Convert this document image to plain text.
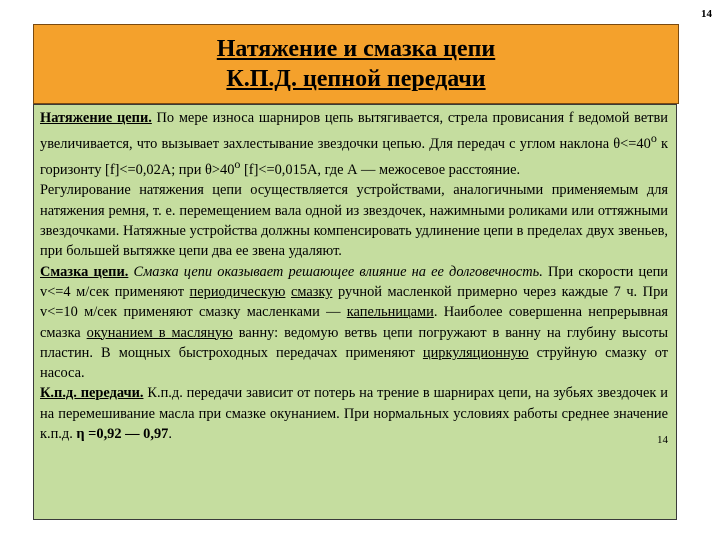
14
Натяжение и смазка цепи
К.П.Д. цепной передачи

Натяжение цепи. По мере износа шарниров цепь вытягивается, стрела провисания f ведомой ветви увеличивается, что вызывает захлестывание звездочки цепью. Для передач с углом наклона $\theta<=40^o$ к горизонту [f]<=0,02А; при $\theta>40^o$ [f]<=0,015А, где А — межосевое расстояние.

Регулирование натяжения цепи осуществляется устройствами, аналогичными применяемым для натяжения ремня, т. е. перемещением вала одной из звездочек, нажимными роликами или оттяжными звездочками. Натяжные устройства должны компенсировать удлинение цепи в пределах двух звеньев, при большей вытяжке цепи два ее звена удаляют.

Смазка цепи. Смазка цепи оказывает решающее влияние на ее долговечность. При скорости цепи v<=4 м/сек применяют периодическую смазку ручной масленкой примерно через каждые 7 ч. При v<=10 м/сек применяют смазку масленками — капельницами. Наиболее совершенна непрерывная смазка окунанием в масляную ванну: ведомую ветвь цепи погружают в ванну на глубину высоты пластин. В мощных быстроходных передачах применяют циркуляционную струйную смазку от насоса.

К.п.д. передачи. К.п.д. передачи зависит от потерь на трение в шарнирах цепи, на зубьях звездочек и на перемешивание масла при смазке окунанием. При нормальных условиях работы среднее значение к.п.д. η =0,92 — 0,97.	14
